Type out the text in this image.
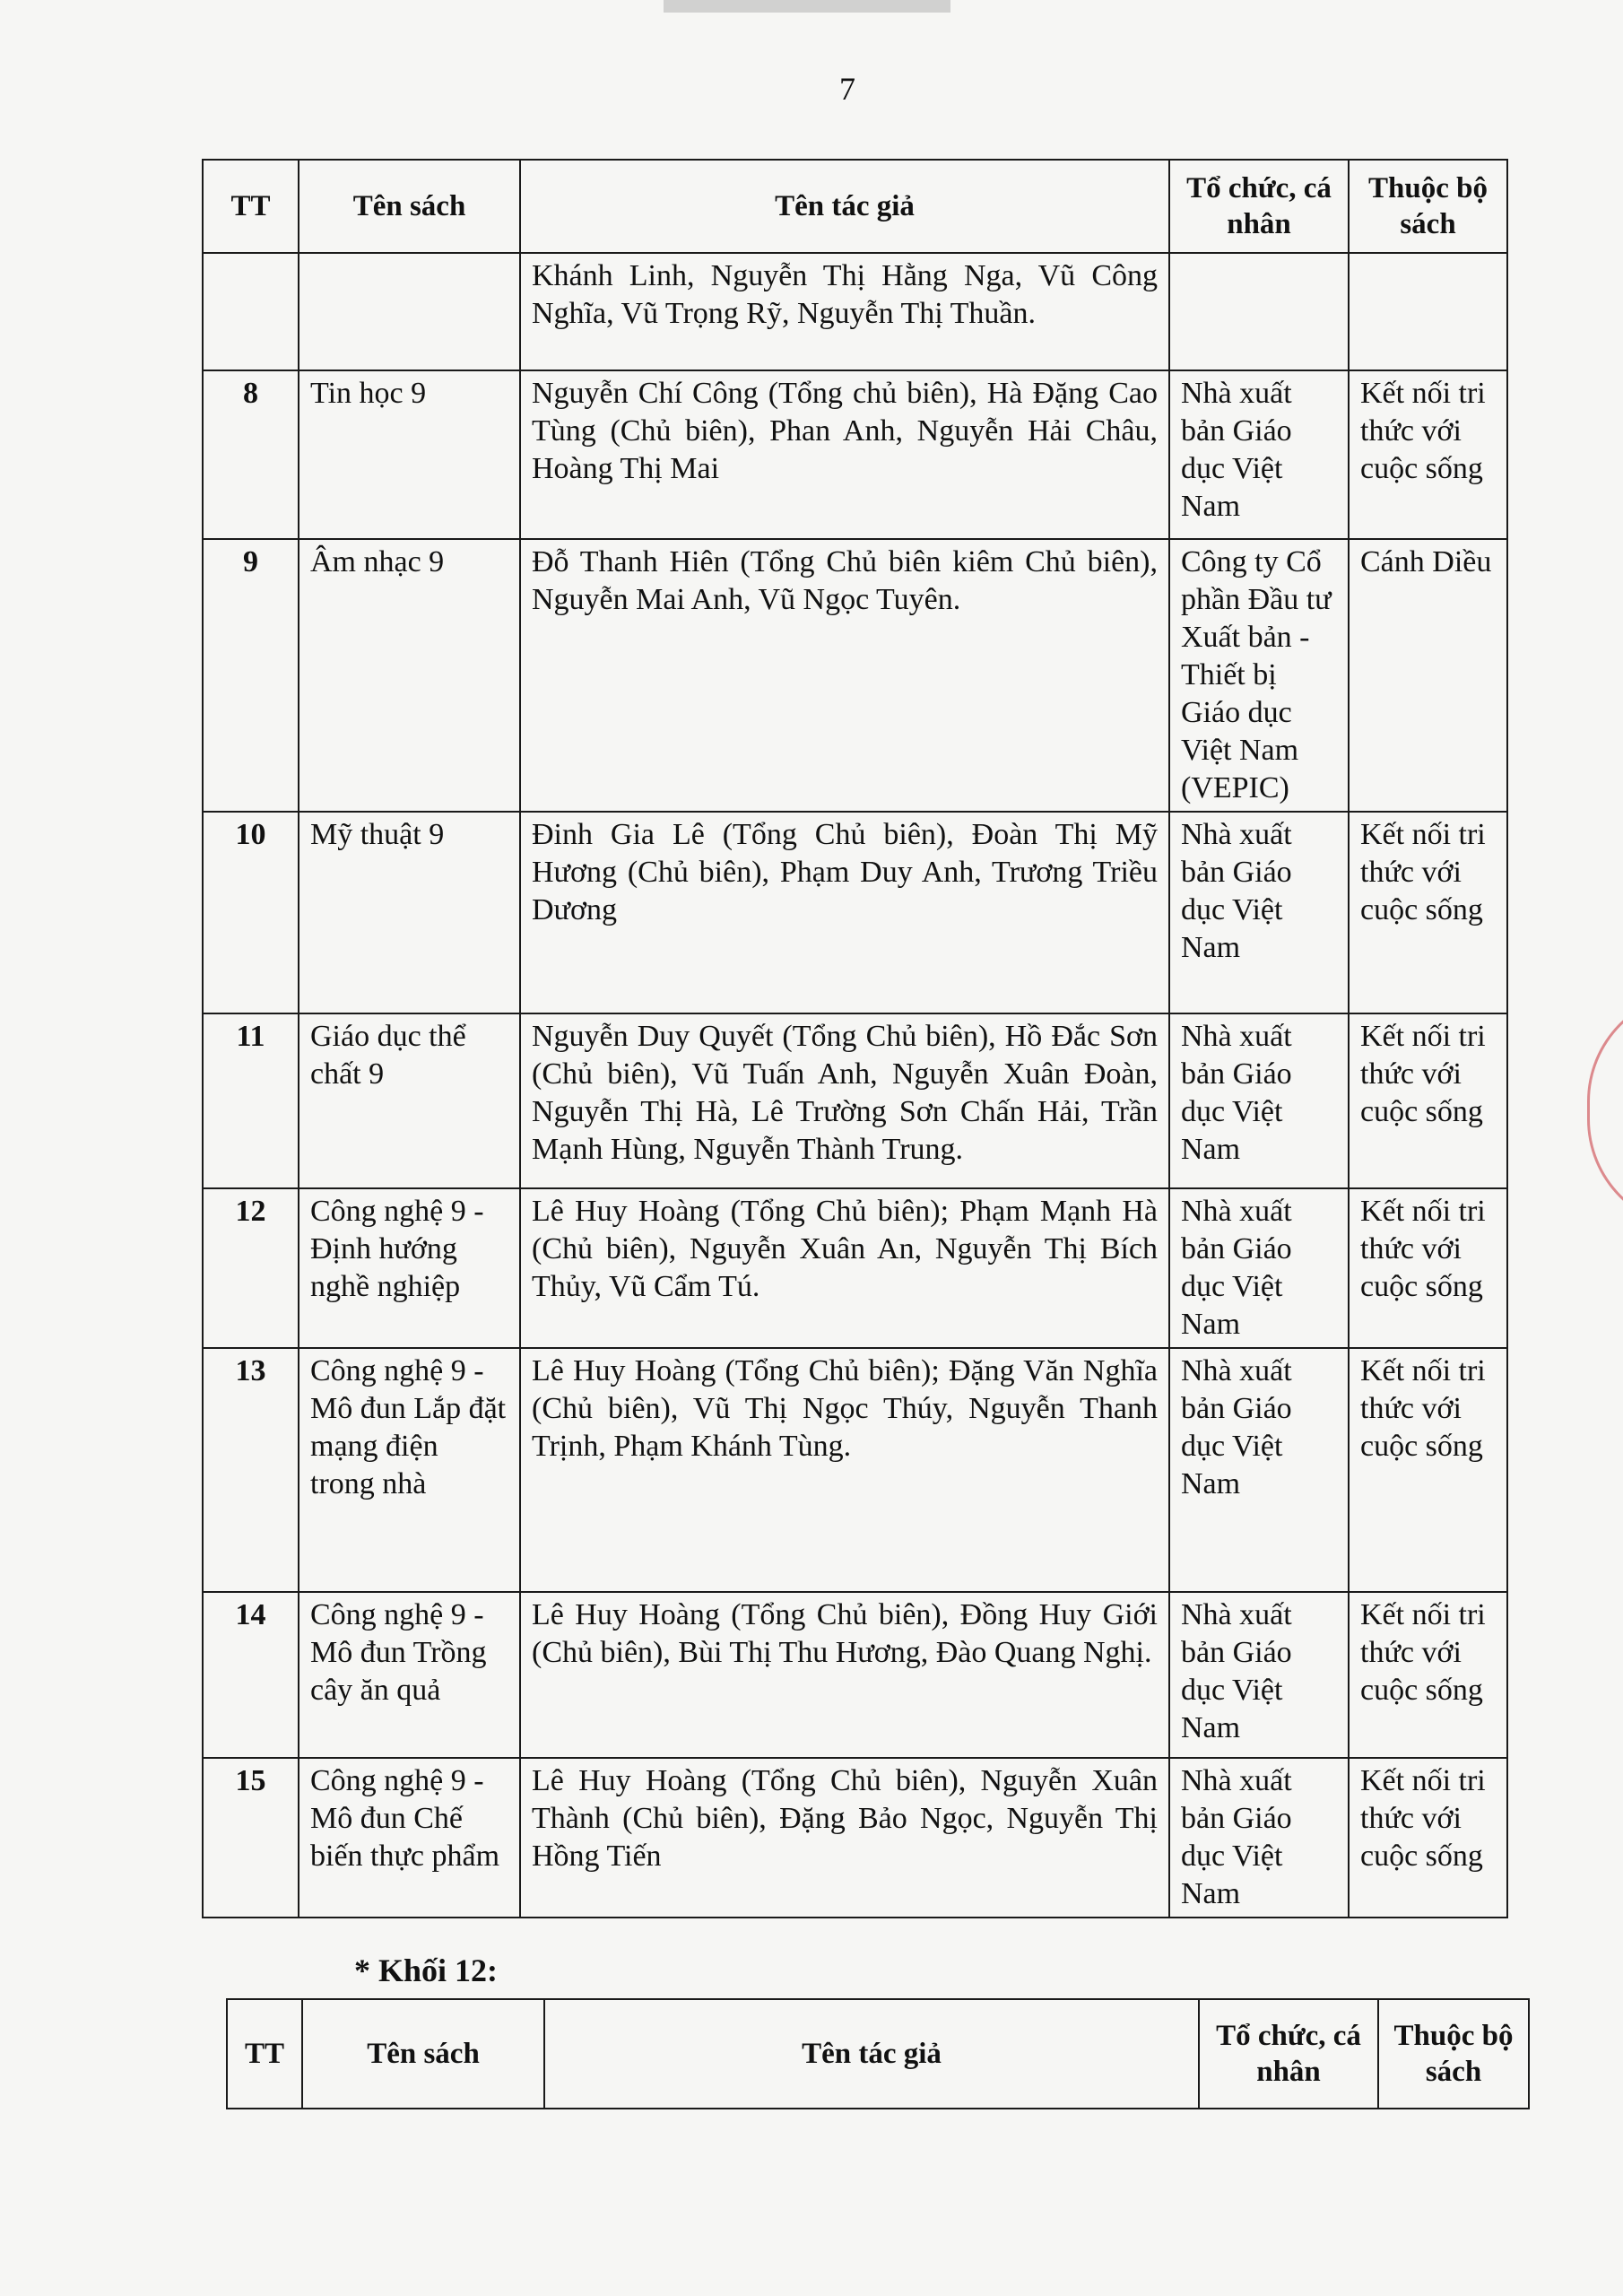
7
TT	Tên sách	Tên tác giả	Tổ chức, cá nhân	Thuộc bộ sách
		Khánh Linh, Nguyễn Thị Hằng Nga, Vũ Công Nghĩa, Vũ Trọng Rỹ, Nguyễn Thị Thuần.		
8	Tin học 9	Nguyễn Chí Công (Tổng chủ biên), Hà Đặng Cao Tùng (Chủ biên), Phan Anh, Nguyễn Hải Châu, Hoàng Thị Mai	Nhà xuất bản Giáo dục Việt Nam	Kết nối tri thức với cuộc sống
9	Âm nhạc 9	Đỗ Thanh Hiên (Tổng Chủ biên kiêm Chủ biên), Nguyễn Mai Anh, Vũ Ngọc Tuyên.	Công ty Cổ phần Đầu tư Xuất bản - Thiết bị Giáo dục Việt Nam (VEPIC)	Cánh Diều
10	Mỹ thuật 9	Đinh Gia Lê (Tổng Chủ biên), Đoàn Thị Mỹ Hương (Chủ biên), Phạm Duy Anh, Trương Triều Dương	Nhà xuất bản Giáo dục Việt Nam	Kết nối tri thức với cuộc sống
11	Giáo dục thể chất 9	Nguyễn Duy Quyết (Tổng Chủ biên), Hồ Đắc Sơn (Chủ biên), Vũ Tuấn Anh, Nguyễn Xuân Đoàn, Nguyễn Thị Hà, Lê Trường Sơn Chấn Hải, Trần Mạnh Hùng, Nguyễn Thành Trung.	Nhà xuất bản Giáo dục Việt Nam	Kết nối tri thức với cuộc sống
12	Công nghệ 9 - Định hướng nghề nghiệp	Lê Huy Hoàng (Tổng Chủ biên); Phạm Mạnh Hà (Chủ biên), Nguyễn Xuân An, Nguyễn Thị Bích Thủy, Vũ Cẩm Tú.	Nhà xuất bản Giáo dục Việt Nam	Kết nối tri thức với cuộc sống
13	Công nghệ 9 - Mô đun Lắp đặt mạng điện trong nhà	Lê Huy Hoàng (Tổng Chủ biên); Đặng Văn Nghĩa (Chủ biên), Vũ Thị Ngọc Thúy, Nguyễn Thanh Trịnh, Phạm Khánh Tùng.	Nhà xuất bản Giáo dục Việt Nam	Kết nối tri thức với cuộc sống
14	Công nghệ 9 - Mô đun Trồng cây ăn quả	Lê Huy Hoàng (Tổng Chủ biên), Đồng Huy Giới (Chủ biên), Bùi Thị Thu Hương, Đào Quang Nghị.	Nhà xuất bản Giáo dục Việt Nam	Kết nối tri thức với cuộc sống
15	Công nghệ 9 - Mô đun Chế biến thực phẩm	Lê Huy Hoàng (Tổng Chủ biên), Nguyễn Xuân Thành (Chủ biên), Đặng Bảo Ngọc, Nguyễn Thị Hồng Tiến	Nhà xuất bản Giáo dục Việt Nam	Kết nối tri thức với cuộc sống
* Khối 12:
TT	Tên sách	Tên tác giả	Tổ chức, cá nhân	Thuộc bộ sách
